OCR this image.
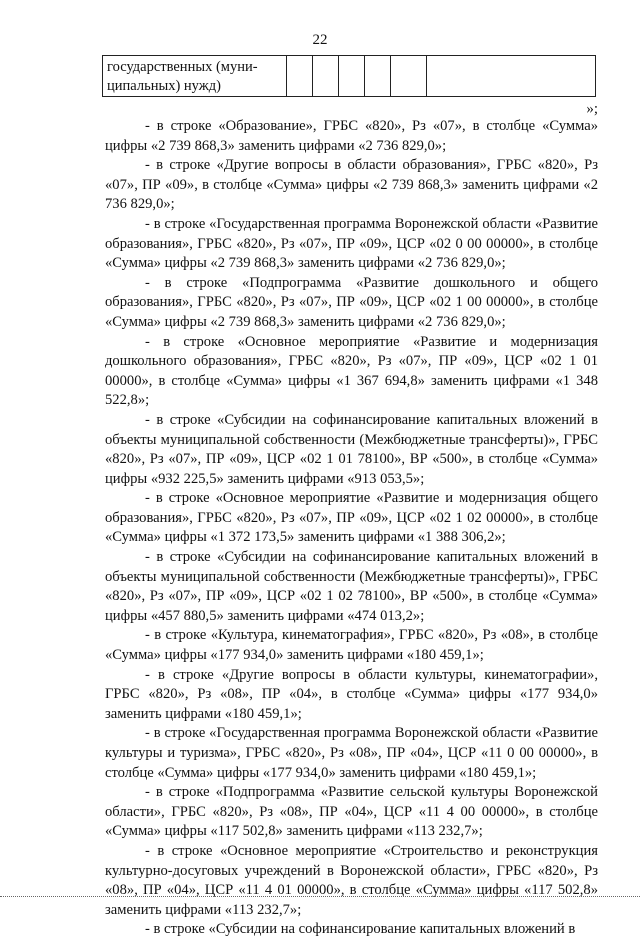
22
государственных (муни-ципальных) нужд)						
»;

- в строке «Образование», ГРБС «820», Рз «07», в столбце «Сумма» цифры «2 739 868,3» заменить цифрами «2 736 829,0»;

- в строке «Другие вопросы в области образования», ГРБС «820», Рз «07», ПР «09», в столбце «Сумма» цифры «2 739 868,3» заменить цифрами «2 736 829,0»;

- в строке «Государственная программа Воронежской области «Развитие образования», ГРБС «820», Рз «07», ПР «09», ЦСР «02 0 00 00000», в столбце «Сумма» цифры «2 739 868,3» заменить цифрами «2 736 829,0»;

- в строке «Подпрограмма «Развитие дошкольного и общего образования», ГРБС «820», Рз «07», ПР «09», ЦСР «02 1 00 00000», в столбце «Сумма» цифры «2 739 868,3» заменить цифрами «2 736 829,0»;

- в строке «Основное мероприятие «Развитие и модернизация дошкольного образования», ГРБС «820», Рз «07», ПР «09», ЦСР «02 1 01 00000», в столбце «Сумма» цифры «1 367 694,8» заменить цифрами «1 348 522,8»;

- в строке «Субсидии на софинансирование капитальных вложений в объекты муниципальной собственности (Межбюджетные трансферты)», ГРБС «820», Рз «07», ПР «09», ЦСР «02 1 01 78100», ВР «500», в столбце «Сумма» цифры «932 225,5» заменить цифрами «913 053,5»;

- в строке «Основное мероприятие «Развитие и модернизация общего образования», ГРБС «820», Рз «07», ПР «09», ЦСР «02 1 02 00000», в столбце «Сумма» цифры «1 372 173,5» заменить цифрами «1 388 306,2»;

- в строке «Субсидии на софинансирование капитальных вложений в объекты муниципальной собственности (Межбюджетные трансферты)», ГРБС «820», Рз «07», ПР «09», ЦСР «02 1 02 78100», ВР «500», в столбце «Сумма» цифры «457 880,5» заменить цифрами «474 013,2»;

- в строке «Культура, кинематография», ГРБС «820», Рз «08», в столбце «Сумма» цифры «177 934,0» заменить цифрами «180 459,1»;

- в строке «Другие вопросы в области культуры, кинематографии», ГРБС «820», Рз «08», ПР «04», в столбце «Сумма» цифры «177 934,0» заменить цифрами «180 459,1»;

- в строке «Государственная программа Воронежской области «Развитие культуры и туризма», ГРБС «820», Рз «08», ПР «04», ЦСР «11 0 00 00000», в столбце «Сумма» цифры «177 934,0» заменить цифрами «180 459,1»;

- в строке «Подпрограмма «Развитие сельской культуры Воронежской области», ГРБС «820», Рз «08», ПР «04», ЦСР «11 4 00 00000», в столбце «Сумма» цифры «117 502,8» заменить цифрами «113 232,7»;

- в строке «Основное мероприятие «Строительство и реконструкция культурно-досуговых учреждений в Воронежской области», ГРБС «820», Рз «08», ПР «04», ЦСР «11 4 01 00000», в столбце «Сумма» цифры «117 502,8» заменить цифрами «113 232,7»;

- в строке «Субсидии на софинансирование капитальных вложений в
